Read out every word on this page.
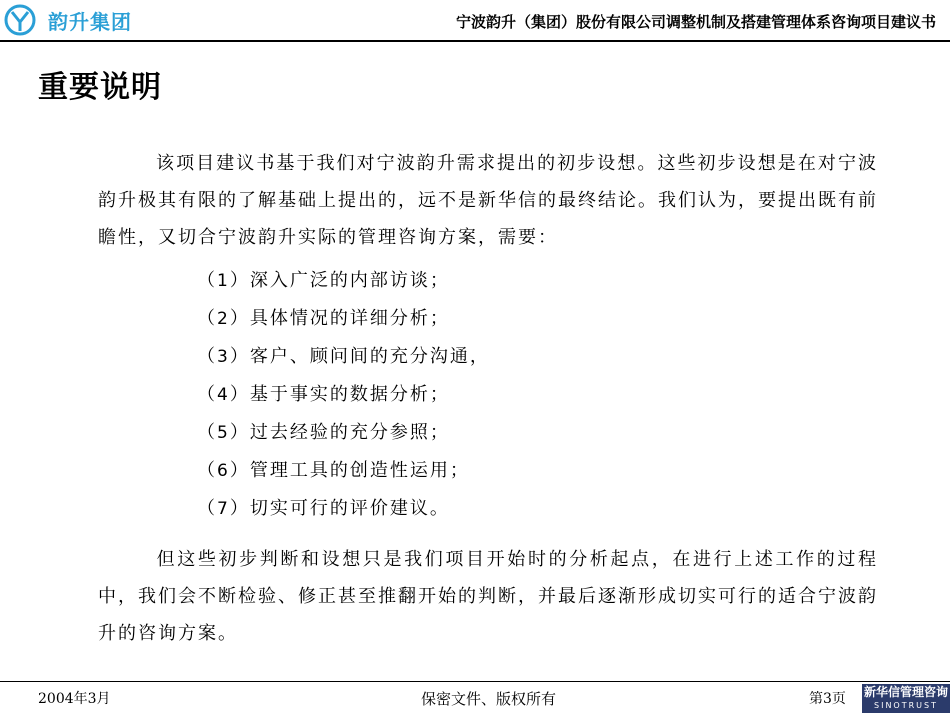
韵升集团	宁波韵升（集团）股份有限公司调整机制及搭建管理体系咨询项目建议书
重要说明

该项目建议书基于我们对宁波韵升需求提出的初步设想。这些初步设想是在对宁波韵升极其有限的了解基础上提出的，远不是新华信的最终结论。我们认为，要提出既有前瞻性，又切合宁波韵升实际的管理咨询方案，需要：

（1）深入广泛的内部访谈；
（2）具体情况的详细分析；
（3）客户、顾问间的充分沟通，
（4）基于事实的数据分析；
（5）过去经验的充分参照；
（6）管理工具的创造性运用；
（7）切实可行的评价建议。

但这些初步判断和设想只是我们项目开始时的分析起点，在进行上述工作的过程中，我们会不断检验、修正甚至推翻开始的判断，并最后逐渐形成切实可行的适合宁波韵升的咨询方案。

2004年3月	保密文件、版权所有	第3页 新华信管理咨询
SINOTRUST
